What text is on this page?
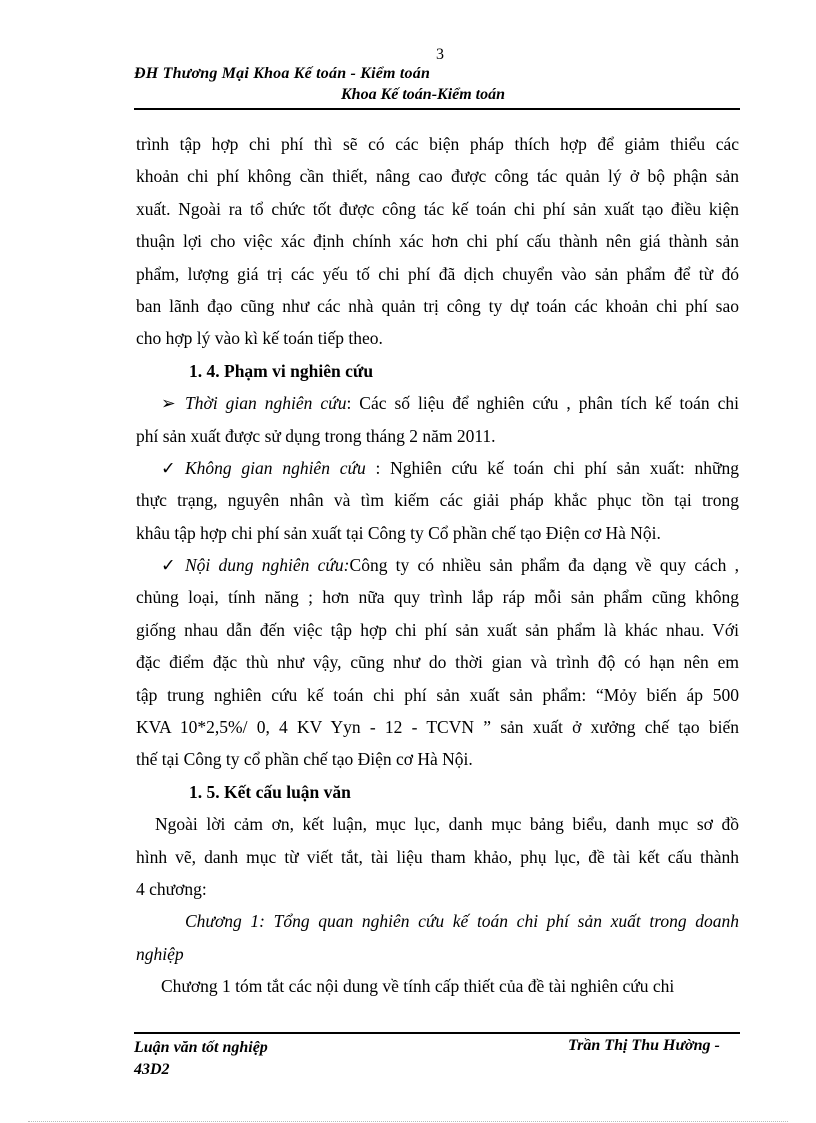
3
ĐH Thương Mại Khoa Kế toán - Kiểm toán
Khoa Kế toán-Kiểm toán
trình tập hợp chi phí thì sẽ có các biện pháp thích hợp để giảm thiểu các
khoản chi phí không cần thiết, nâng cao được công tác quản lý ở bộ phận sản
xuất. Ngoài ra tổ chức tốt được công tác kế toán chi phí sản xuất tạo điều kiện
thuận lợi cho việc xác định chính xác hơn chi phí cấu thành nên giá thành sản
phẩm, lượng giá trị các yếu tố chi phí đã dịch chuyển vào sản phẩm để từ đó
ban lãnh đạo cũng như các nhà quản trị công ty dự toán các khoản chi phí sao
cho hợp lý vào kì kế toán tiếp theo.
1. 4. Phạm vi nghiên cứu
➢ Thời gian nghiên cứu: Các số liệu để nghiên cứu , phân tích kế toán chi
phí sản xuất được sử dụng trong tháng 2 năm 2011.
✓ Không gian nghiên cứu : Nghiên cứu kế toán chi phí sản xuất: những
thực trạng, nguyên nhân và tìm kiếm các giải pháp khắc phục tồn tại trong
khâu tập hợp chi phí sản xuất tại Công ty Cổ phần chế tạo Điện cơ Hà Nội.
✓ Nội dung nghiên cứu:Công ty có nhiều sản phẩm đa dạng về quy cách ,
chủng loại, tính năng ; hơn nữa quy trình lắp ráp mỗi sản phẩm cũng không
giống nhau dẫn đến việc tập hợp chi phí sản xuất sản phẩm là khác nhau. Với
đặc điểm đặc thù như vậy, cũng như do thời gian và trình độ có hạn nên em
tập trung nghiên cứu kế toán chi phí sản xuất sản phẩm: “Mỏy biến áp 500
KVA 10*2,5%/ 0, 4 KV Yyn - 12 - TCVN ” sản xuất ở xưởng chế tạo biến
thế tại Công ty cổ phần chế tạo Điện cơ Hà Nội.
1. 5. Kết cấu luận văn
Ngoài lời cảm ơn, kết luận, mục lục, danh mục bảng biểu, danh mục sơ đồ
hình vẽ, danh mục từ viết tắt, tài liệu tham khảo, phụ lục, đề tài kết cấu thành
4 chương:
Chương 1: Tổng quan nghiên cứu kế toán chi phí sản xuất trong doanh
nghiệp
Chương 1 tóm tắt các nội dung về tính cấp thiết của đề tài nghiên cứu chi
Luận văn tốt nghiệp
43D2
Trần Thị Thu Hường -
